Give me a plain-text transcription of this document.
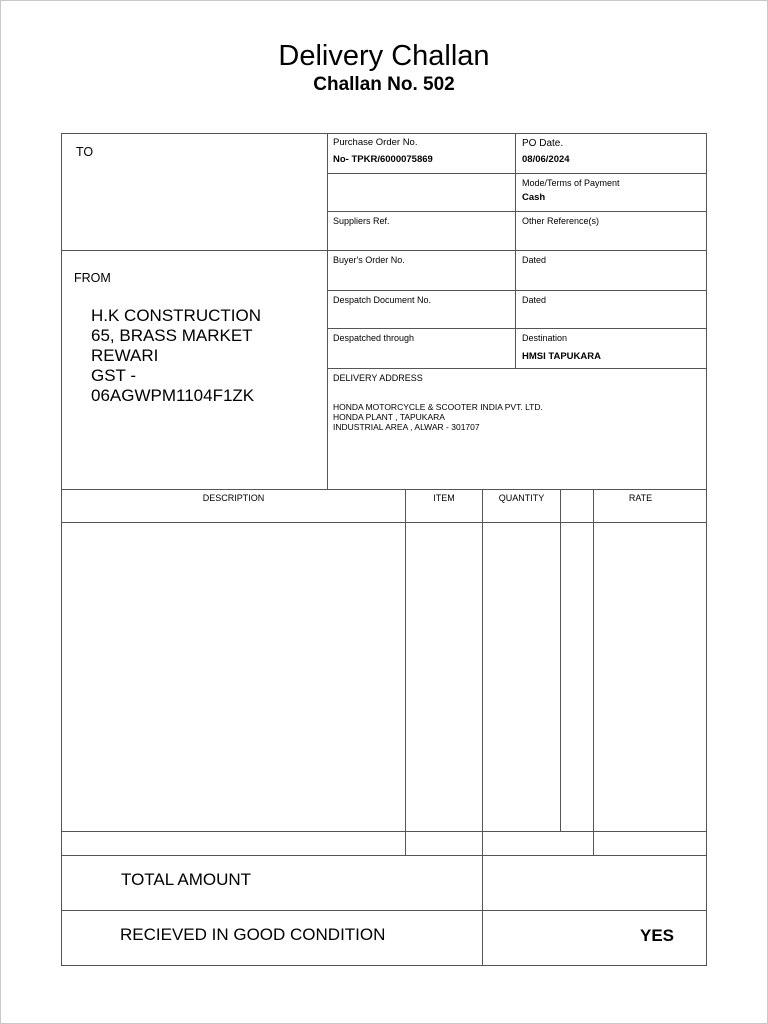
Delivery Challan
Challan No. 502
TO
FROM
H.K CONSTRUCTION
65, BRASS MARKET
REWARI
GST -
06AGWPM1104F1ZK
Purchase Order No.
No- TPKR/6000075869
PO Date.
08/06/2024
Mode/Terms of Payment
Cash
Suppliers Ref.	Other Reference(s)
Buyer's Order No.	Dated
Despatch Document No.	Dated
Despatched through	Destination
HMSI TAPUKARA
DELIVERY ADDRESS
HONDA MOTORCYCLE & SCOOTER INDIA PVT. LTD.
HONDA PLANT , TAPUKARA
INDUSTRIAL AREA , ALWAR - 301707
DESCRIPTION	ITEM	QUANTITY	RATE
TOTAL AMOUNT
RECIEVED IN GOOD CONDITION	YES
